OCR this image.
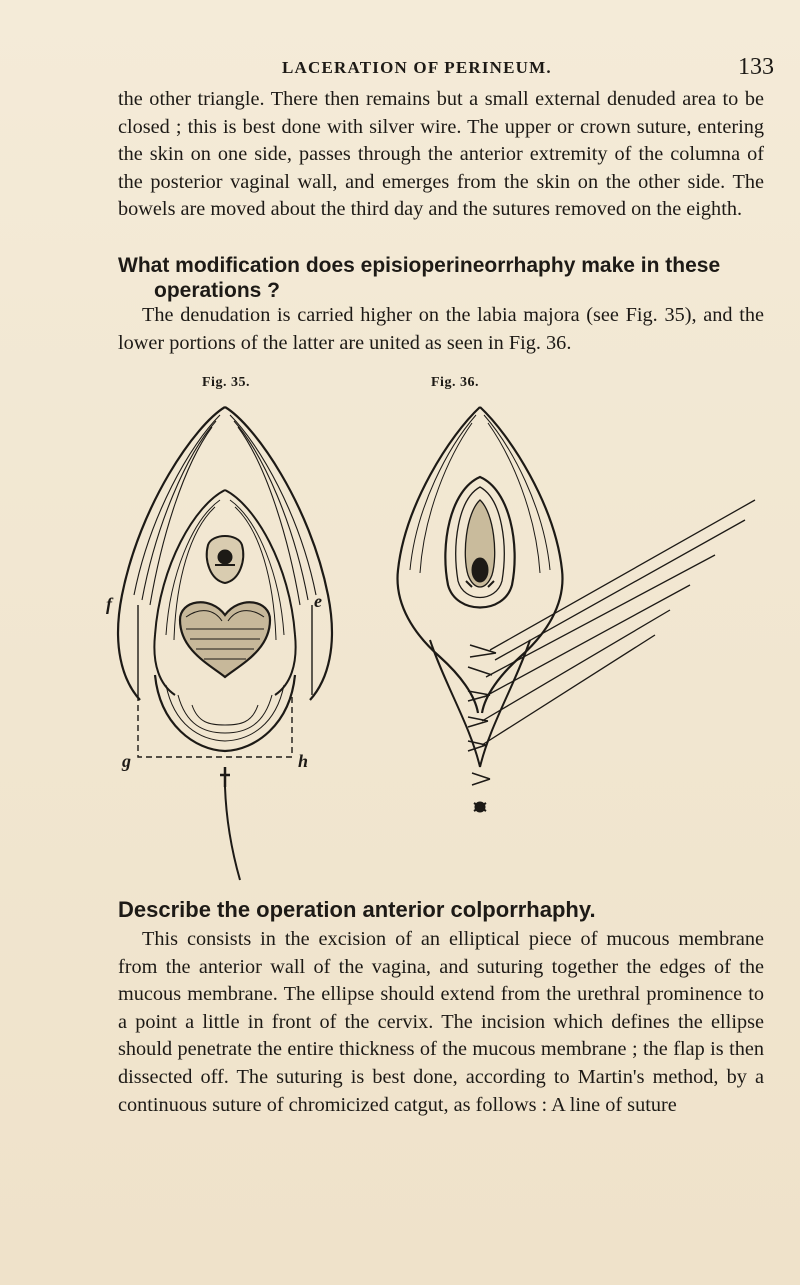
LACERATION OF PERINEUM.	133

the other triangle. There then remains but a small external denuded area to be closed ; this is best done with silver wire. The upper or crown suture, entering the skin on one side, passes through the anterior extremity of the columna of the posterior vaginal wall, and emerges from the skin on the other side. The bowels are moved about the third day and the sutures removed on the eighth.

What modification does episioperineorrhaphy make in these
operations ?

The denudation is carried higher on the labia majora (see Fig. 35), and the lower portions of the latter are united as seen in Fig. 36.

Fig. 35.	Fig. 36.
f	e
g	h
Describe the operation anterior colporrhaphy.

This consists in the excision of an elliptical piece of mucous membrane from the anterior wall of the vagina, and suturing together the edges of the mucous membrane. The ellipse should extend from the urethral prominence to a point a little in front of the cervix. The incision which defines the ellipse should penetrate the entire thickness of the mucous membrane ; the flap is then dissected off. The suturing is best done, according to Martin's method, by a continuous suture of chromicized catgut, as follows : A line of suture
